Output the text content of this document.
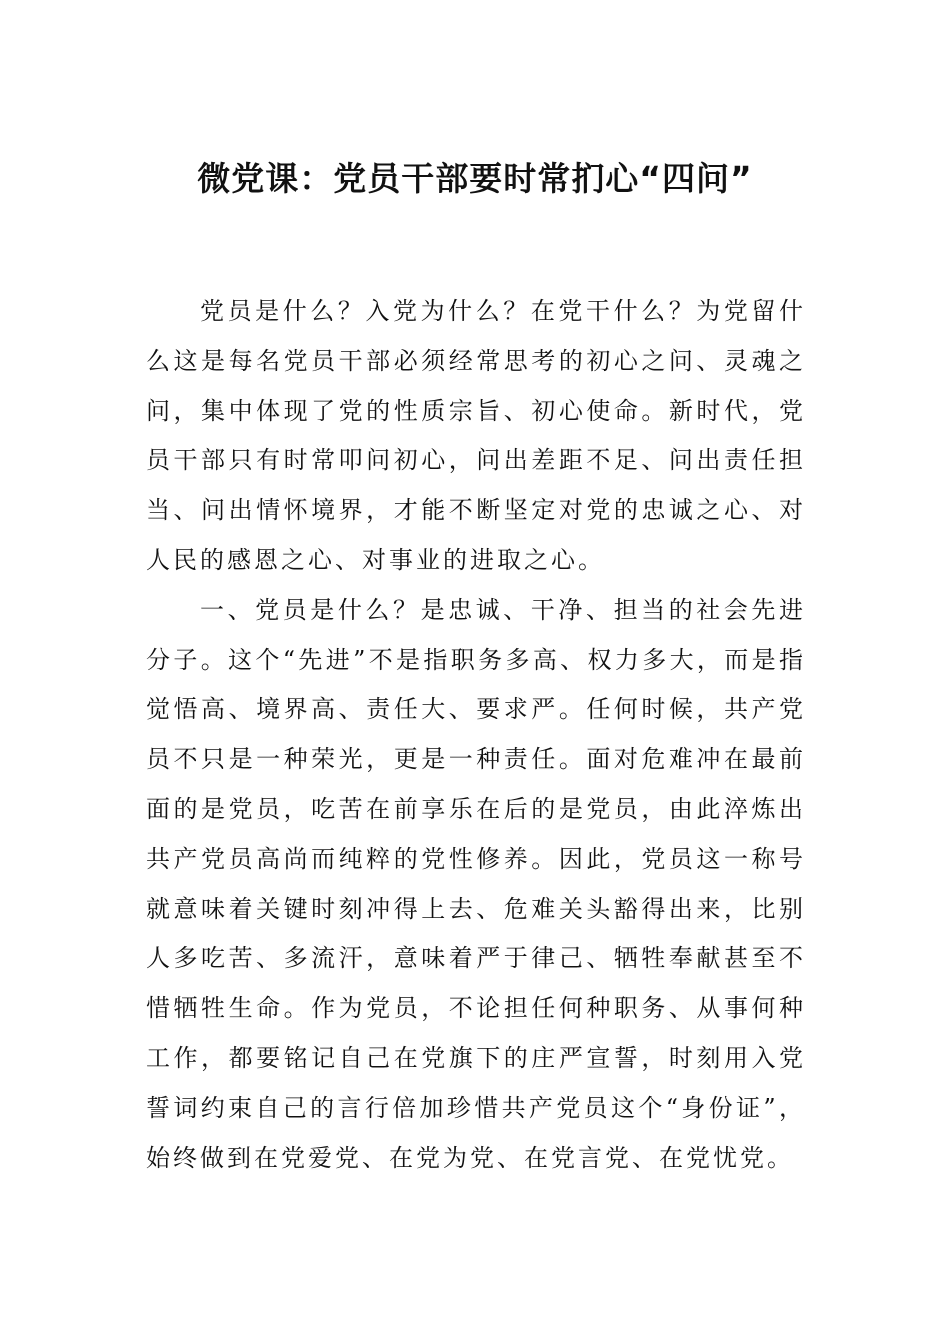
微党课：党员干部要时常扪心“四问”

党员是什么？入党为什么？在党干什么？为党留什么这是每名党员干部必须经常思考的初心之问、灵魂之问，集中体现了党的性质宗旨、初心使命。新时代，党员干部只有时常叩问初心，问出差距不足、问出责任担当、问出情怀境界，才能不断坚定对党的忠诚之心、对人民的感恩之心、对事业的进取之心。

一、党员是什么？是忠诚、干净、担当的社会先进分子。这个“先进”不是指职务多高、权力多大，而是指觉悟高、境界高、责任大、要求严。任何时候，共产党员不只是一种荣光，更是一种责任。面对危难冲在最前面的是党员，吃苦在前享乐在后的是党员，由此淬炼出共产党员高尚而纯粹的党性修养。因此，党员这一称号就意味着关键时刻冲得上去、危难关头豁得出来，比别人多吃苦、多流汗，意味着严于律己、牺牲奉献甚至不惜牺牲生命。作为党员，不论担任何种职务、从事何种工作，都要铭记自己在党旗下的庄严宣誓，时刻用入党誓词约束自己的言行倍加珍惜共产党员这个“身份证”，始终做到在党爱党、在党为党、在党言党、在党忧党。
